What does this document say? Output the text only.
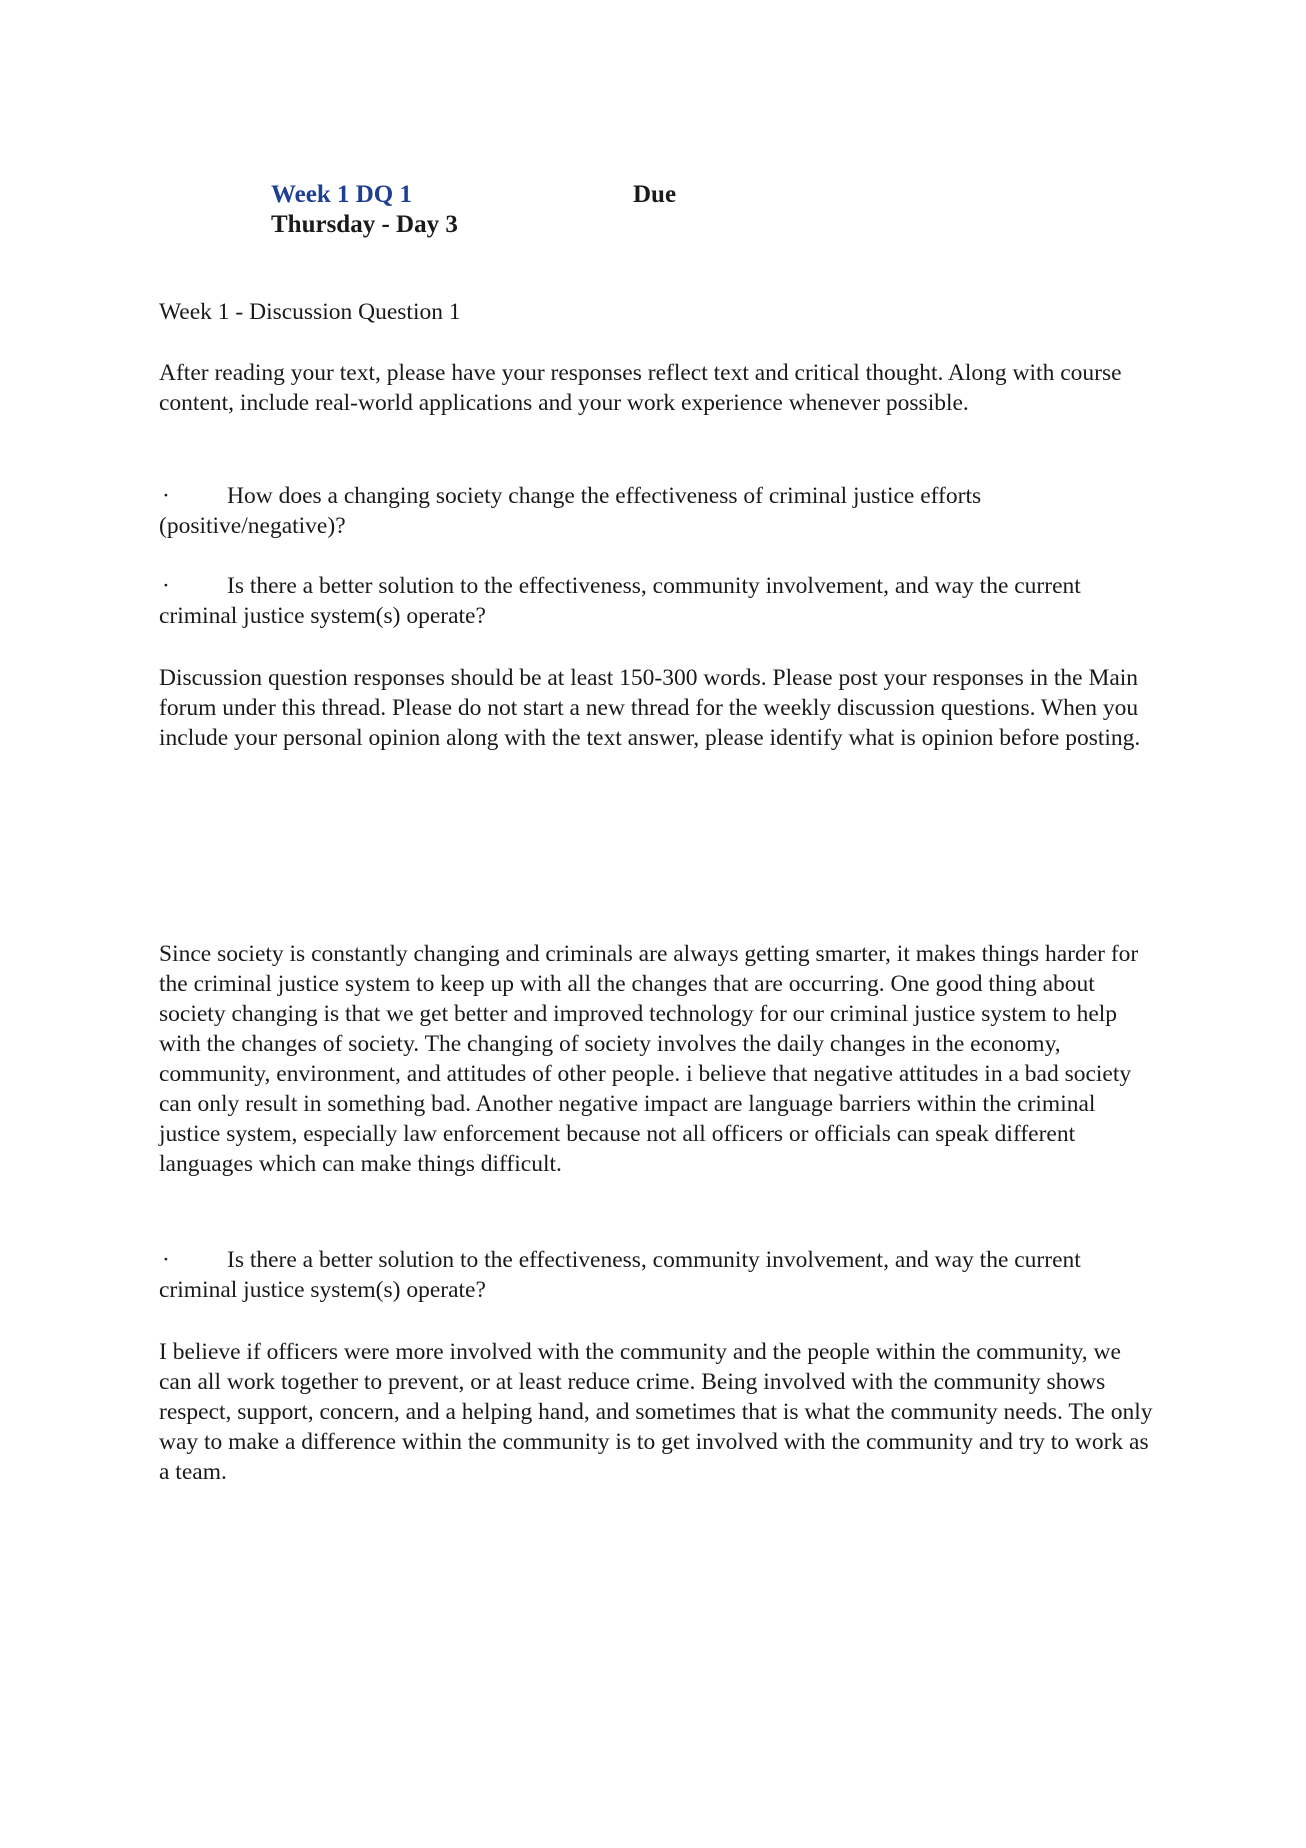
Week 1 DQ 1	Due
Thursday - Day 3

Week 1 - Discussion Question 1

After reading your text, please have your responses reflect text and critical thought. Along with course content, include real-world applications and your work experience whenever possible.

· How does a changing society change the effectiveness of criminal justice efforts (positive/negative)?

· Is there a better solution to the effectiveness, community involvement, and way the current criminal justice system(s) operate?

Discussion question responses should be at least 150-300 words. Please post your responses in the Main forum under this thread. Please do not start a new thread for the weekly discussion questions. When you include your personal opinion along with the text answer, please identify what is opinion before posting.

Since society is constantly changing and criminals are always getting smarter, it makes things harder for the criminal justice system to keep up with all the changes that are occurring. One good thing about society changing is that we get better and improved technology for our criminal justice system to help with the changes of society. The changing of society involves the daily changes in the economy, community, environment, and attitudes of other people. i believe that negative attitudes in a bad society can only result in something bad. Another negative impact are language barriers within the criminal justice system, especially law enforcement because not all officers or officials can speak different languages which can make things difficult.

· Is there a better solution to the effectiveness, community involvement, and way the current criminal justice system(s) operate?

I believe if officers were more involved with the community and the people within the community, we can all work together to prevent, or at least reduce crime. Being involved with the community shows respect, support, concern, and a helping hand, and sometimes that is what the community needs. The only way to make a difference within the community is to get involved with the community and try to work as a team.
